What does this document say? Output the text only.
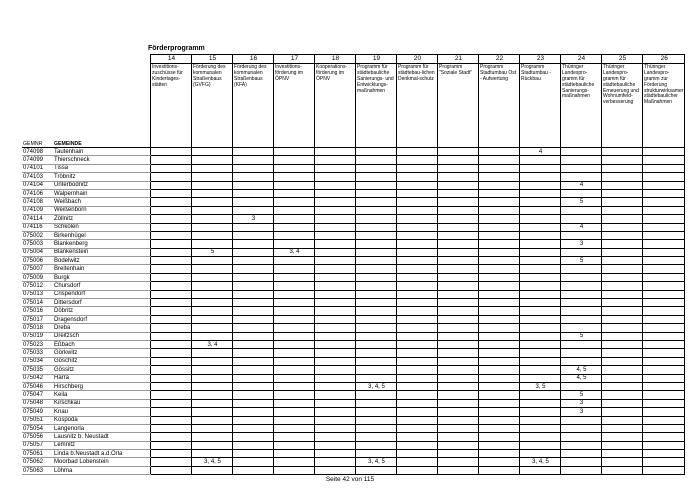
Förderprogramm
		14	15	16	17	18	19	20	21	22	23	24	25	26
		Investitions-zuschüsse für Kindertages-stätten	Förderung des kommunalen Straßenbaus (GVFG)	Förderung des kommunalen Straßenbaus (KFA)	Investitions-förderung im ÖPNV	Kooperations-förderung im ÖPNV	Programm für städtebauliche Sanierungs- und Entwicklungs-maßnahmen	Programm für städtebau-lichen Denkmal-schutz	Programm "Soziale Stadt"	Programm Stadtumbau Ost - Aufwertung	Programm Stadtumbau - Rückbau	Thüringer Landespro-gramm für städtebauliche Sanierungs-maßnahmen	Thüringer Landespro-gramm für städtebauliche Erneuerung und Wohnumfeld-verbesserung	Thüringer Landespro-gramm zur Förderung strukturwirksamer städtebaulicher Maßnahmen
GEMNR	GEMEINDE													
074098	Tautenhain										4			
074099	Thierschneck													
074101	Tissa													
074103	Tröbnitz													
074104	Unterbodnitz											4		
074106	Walpernhain													
074108	Weißbach											5		
074109	Weißenborn													
074114	Zöllnitz			3										
074116	Schkölen											4		
075002	Birkenhügel													
075003	Blankenberg											3		
075004	Blankenstein		5		3, 4									
075006	Bodelwitz											5		
075007	Breitenhain													
075009	Burgk													
075012	Chursdorf													
075013	Crispendorf													
075014	Dittersdorf													
075016	Döbritz													
075017	Dragensdorf													
075018	Dreba													
075019	Dreitzsch											5		
075023	Eßbach		3, 4											
075033	Görkwitz													
075034	Göschitz													
075035	Gössitz											4, 5		
075042	Harra											4, 5		
075046	Hirschberg						3, 4, 5				3, 5			
075047	Keila											5		
075048	Kirschkau											3		
075049	Knau											3		
075051	Kospoda													
075054	Langenorla													
075056	Lausnitz b. Neustadt													
075057	Lemnitz													
075061	Linda b.Neustadt a.d.Orla													
075062	Moorbad Lobenstein		3, 4, 5				3, 4, 5				3, 4, 5			
075063	Löhma													
Seite 42 von 115
